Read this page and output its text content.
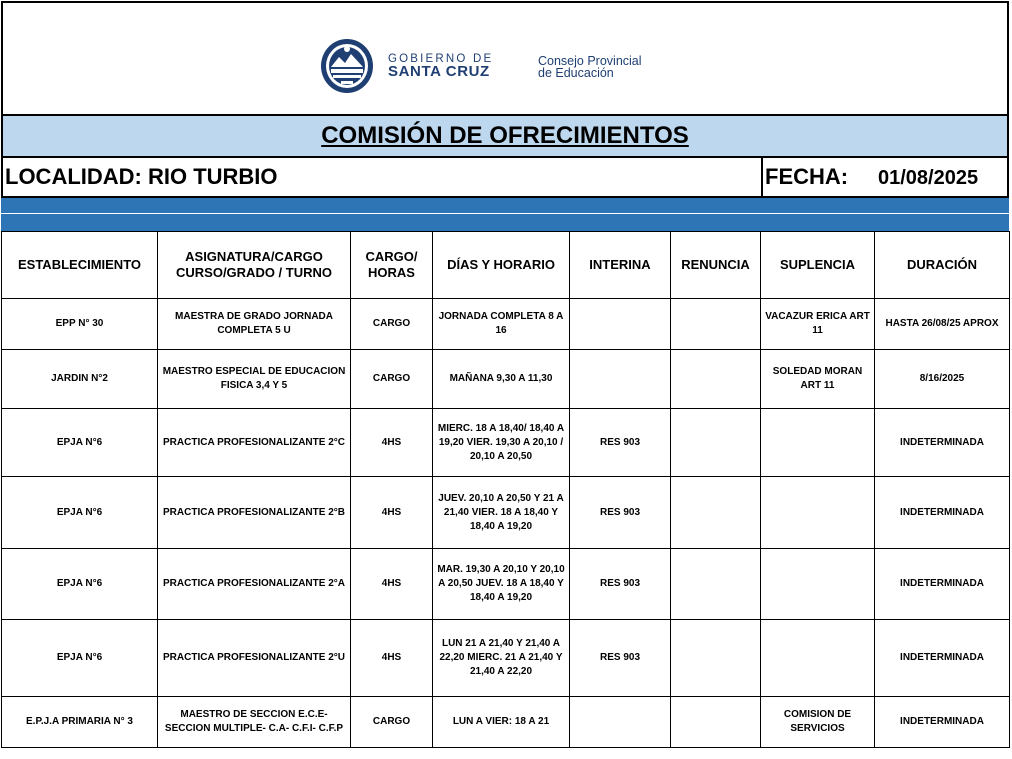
GOBIERNO DE
SANTA CRUZ
Consejo Provincial
de Educación
COMISIÓN DE OFRECIMIENTOS
LOCALIDAD: RIO TURBIO	FECHA: 01/08/2025
ESTABLECIMIENTO	ASIGNATURA/CARGO CURSO/GRADO / TURNO	CARGO/ HORAS	DÍAS Y HORARIO	INTERINA	RENUNCIA	SUPLENCIA	DURACIÓN
EPP N° 30	MAESTRA DE GRADO JORNADA COMPLETA 5 U	CARGO	JORNADA COMPLETA 8 A 16			VACAZUR ERICA ART 11	HASTA 26/08/25 APROX
JARDIN N°2	MAESTRO ESPECIAL DE EDUCACION FISICA 3,4 Y 5	CARGO	MAÑANA 9,30 A 11,30			SOLEDAD MORAN ART 11	8/16/2025
EPJA N°6	PRACTICA PROFESIONALIZANTE 2°C	4HS	MIERC. 18 A 18,40/ 18,40 A 19,20 VIER. 19,30 A 20,10 / 20,10 A 20,50	RES 903			INDETERMINADA
EPJA N°6	PRACTICA PROFESIONALIZANTE 2°B	4HS	JUEV. 20,10 A 20,50 Y 21 A 21,40 VIER. 18 A 18,40 Y 18,40 A 19,20	RES 903			INDETERMINADA
EPJA N°6	PRACTICA PROFESIONALIZANTE 2°A	4HS	MAR. 19,30 A 20,10 Y 20,10 A 20,50 JUEV. 18 A 18,40 Y 18,40 A 19,20	RES 903			INDETERMINADA
EPJA N°6	PRACTICA PROFESIONALIZANTE 2°U	4HS	LUN 21 A 21,40 Y 21,40 A 22,20 MIERC. 21 A 21,40 Y 21,40 A 22,20	RES 903			INDETERMINADA
E.P.J.A PRIMARIA N° 3	MAESTRO DE SECCION E.C.E- SECCION MULTIPLE- C.A- C.F.I- C.F.P	CARGO	LUN A VIER: 18 A 21			COMISION DE SERVICIOS	INDETERMINADA
